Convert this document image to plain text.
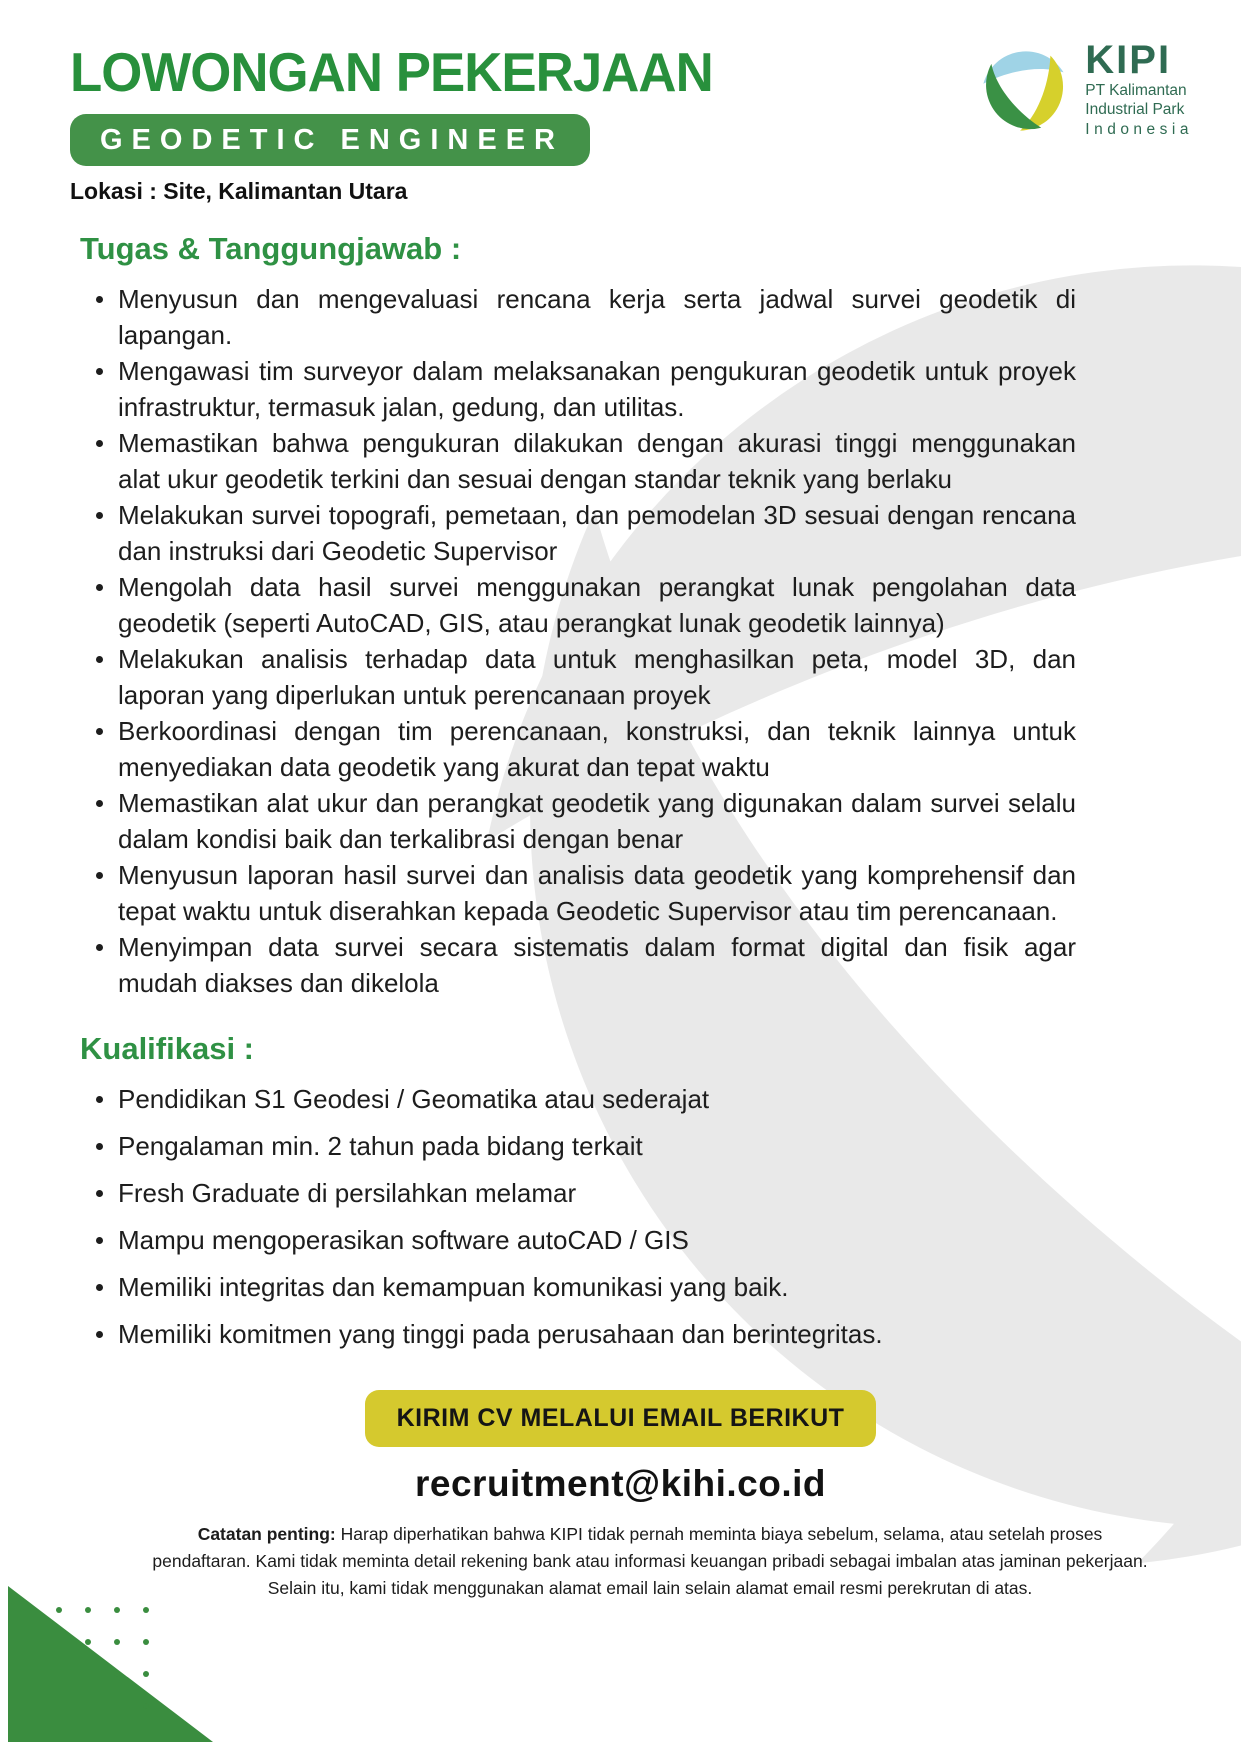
LOWONGAN PEKERJAAN
GEODETIC ENGINEER
Lokasi : Site, Kalimantan Utara
KIPI
PT Kalimantan
Industrial Park
Indonesia
Tugas & Tanggungjawab :
Menyusun dan mengevaluasi rencana kerja serta jadwal survei geodetik di lapangan.
Mengawasi tim surveyor dalam melaksanakan pengukuran geodetik untuk proyek infrastruktur, termasuk jalan, gedung, dan utilitas.
Memastikan bahwa pengukuran dilakukan dengan akurasi tinggi menggunakan alat ukur geodetik terkini dan sesuai dengan standar teknik yang berlaku
Melakukan survei topografi, pemetaan, dan pemodelan 3D sesuai dengan rencana dan instruksi dari Geodetic Supervisor
Mengolah data hasil survei menggunakan perangkat lunak pengolahan data geodetik (seperti AutoCAD, GIS, atau perangkat lunak geodetik lainnya)
Melakukan analisis terhadap data untuk menghasilkan peta, model 3D, dan laporan yang diperlukan untuk perencanaan proyek
Berkoordinasi dengan tim perencanaan, konstruksi, dan teknik lainnya untuk menyediakan data geodetik yang akurat dan tepat waktu
Memastikan alat ukur dan perangkat geodetik yang digunakan dalam survei selalu dalam kondisi baik dan terkalibrasi dengan benar
Menyusun laporan hasil survei dan analisis data geodetik yang komprehensif dan tepat waktu untuk diserahkan kepada Geodetic Supervisor atau tim perencanaan.
Menyimpan data survei secara sistematis dalam format digital dan fisik agar mudah diakses dan dikelola
Kualifikasi :
Pendidikan S1 Geodesi / Geomatika atau sederajat
Pengalaman min. 2 tahun pada bidang terkait
Fresh Graduate di persilahkan melamar
Mampu mengoperasikan software autoCAD / GIS
Memiliki integritas dan kemampuan komunikasi yang baik.
Memiliki komitmen yang tinggi pada perusahaan dan berintegritas.
KIRIM CV MELALUI EMAIL BERIKUT
recruitment@kihi.co.id

Catatan penting: Harap diperhatikan bahwa KIPI tidak pernah meminta biaya sebelum, selama, atau setelah proses pendaftaran. Kami tidak meminta detail rekening bank atau informasi keuangan pribadi sebagai imbalan atas jaminan pekerjaan. Selain itu, kami tidak menggunakan alamat email lain selain alamat email resmi perekrutan di atas.
